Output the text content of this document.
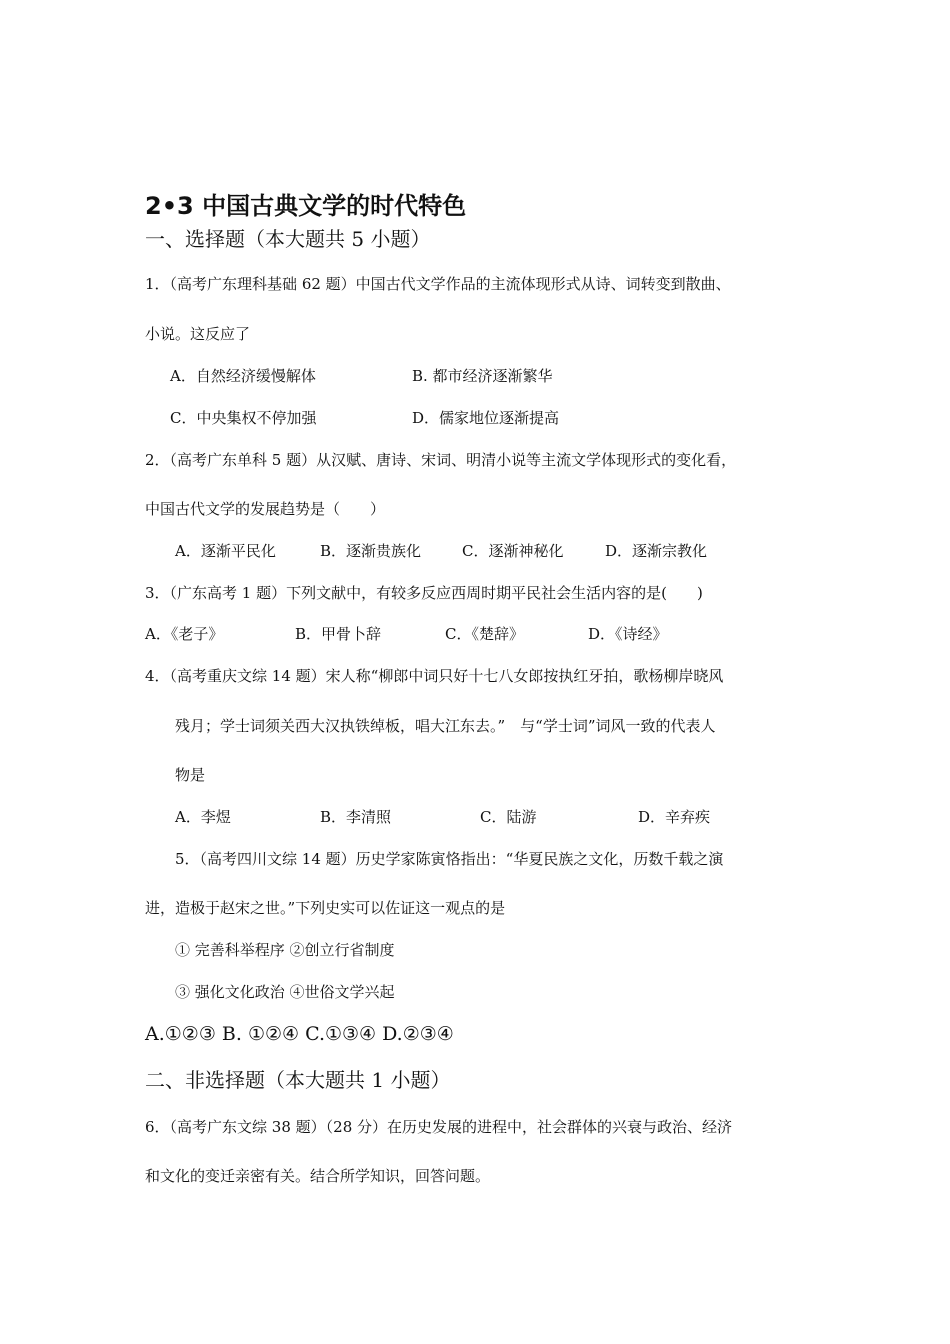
2•3 中国古典文学的时代特色
一、选择题（本大题共 5 小题）
1．（高考广东理科基础 62 题）中国古代文学作品的主流体现形式从诗、词转变到散曲、
小说。这反应了
A．自然经济缓慢解体	B. 都市经济逐渐繁华
C．中央集权不停加强	D．儒家地位逐渐提高
2．（高考广东单科 5 题）从汉赋、唐诗、宋词、明清小说等主流文学体现形式的变化看，
中国古代文学的发展趋势是（　　）
A．逐渐平民化	B．逐渐贵族化	C．逐渐神秘化	D．逐渐宗教化
3．（广东高考 1 题）下列文献中，有较多反应西周时期平民社会生活内容的是(　　)
A．《老子》	B．甲骨卜辞	C．《楚辞》	D．《诗经》
4．（高考重庆文综 14 题）宋人称“柳郎中词只好十七八女郎按执红牙拍，歌杨柳岸晓风
残月；学士词须关西大汉执铁绰板，唱大江东去。”　与“学士词”词风一致的代表人
物是
A．李煜	B．李清照	C．陆游	D．辛弃疾
5．（高考四川文综 14 题）历史学家陈寅恪指出：“华夏民族之文化，历数千载之演
进，造极于赵宋之世。”下列史实可以佐证这一观点的是
① 完善科举程序 ②创立行省制度
③ 强化文化政治 ④世俗文学兴起
A.①②③ B. ①②④ C.①③④ D.②③④
二、非选择题（本大题共 1 小题）
6．（高考广东文综 38 题）（28 分）在历史发展的进程中，社会群体的兴衰与政治、经济
和文化的变迁亲密有关。结合所学知识，回答问题。
